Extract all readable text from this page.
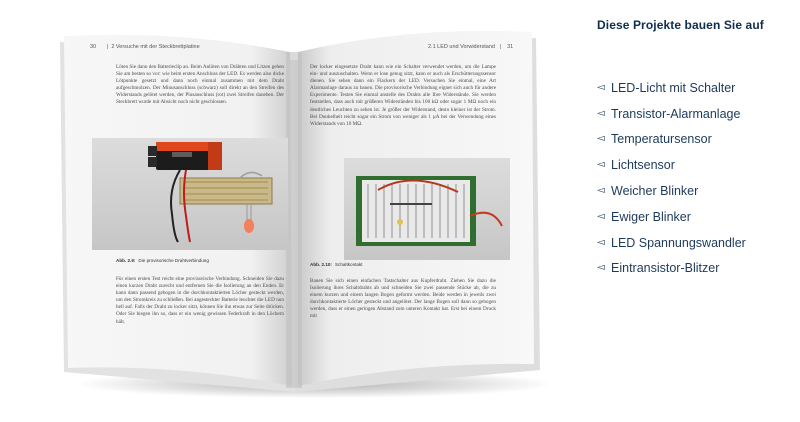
30       |  2 Versuche mit der Steckbrettplatine
Löten Sie dann den Batterieclip an. Beim Anlöten von Drähten und Litzen gehen Sie am besten so vor: wie beim ersten Anschluss der LED. Es werden also dicke Lötpunkte gesetzt und dann noch einmal zusammen mit dem Draht aufgeschmolzen. Der Minusanschluss (schwarz) soll direkt an den Streifen des Widerstands gelötet werden, der Plusanschluss (rot) zwei Streifen daneben. Der Steckbrett wurde mit Absicht noch nicht geschlossen.
Abb. 2.9: Die provisorische Drahtverbindung
Für einen ersten Test reicht eine provisorische Verbindung. Schneiden Sie dazu einen kurzen Draht zurecht und entfernen Sie die Isolierung an den Enden. Er kann dann passend gebogen in die durchkontaktierten Löcher gesteckt werden, um den Stromkreis zu schließen. Bei angesteckter Batterie leuchtet die LED nun hell auf. Falls der Draht zu locker sitzt, können Sie ihn etwas zur Seite drücken. Oder Sie biegen ihn so, dass er ein wenig gewissen Federkraft in den Löchern hält.
2.1 LED und Vorwiderstand   |    31
Der locker eingesetzte Draht kann wie ein Schalter verwendet werden, um die Lampe ein- und auszuschalten. Wenn er lose genug sitzt, kann er auch als Erschütterungssensor dienen. Sie sehen dann ein Flackern der LED. Versuchen Sie einmal, eine Art Alarmanlage daraus zu bauen. Die provisorische Verbindung eignet sich auch für andere Experimente. Testen Sie einmal anstelle des Drahts alle Ihre Widerstände. Sie werden feststellen, dass auch mit größeren Widerständen bis 100 kΩ oder sogar 1 MΩ noch ein deutliches Leuchten zu sehen ist. Je größer der Widerstand, desto kleiner ist der Strom. Bei Dunkelheit reicht sogar ein Strom von weniger als 1 µA bei der Verwendung eines Widerstands von 10 MΩ.
Abb. 2.10: Schaltkontakt
Bauen Sie sich einen einfachen Tastschalter aus Kupferdraht. Ziehen Sie dazu die Isolierung ihres Schaltdrahts ab und schneiden Sie zwei passende Stücke ab, die zu einem kurzen und einem langen Bogen geformt werden. Beide werden in jeweils zwei durchkontaktierte Löcher gesteckt und angelötet. Der lange Bogen soll dann so gebogen werden, dass er einen geringen Abstand zum unteren Kontakt hat. Erst bei einem Druck mit
Diese Projekte bauen Sie auf
◅ LED-Licht mit Schalter
◅ Transistor-Alarmanlage
◅ Temperatursensor
◅ Lichtsensor
◅ Weicher Blinker
◅ Ewiger Blinker
◅ LED Spannungswandler
◅ Eintransistor-Blitzer
